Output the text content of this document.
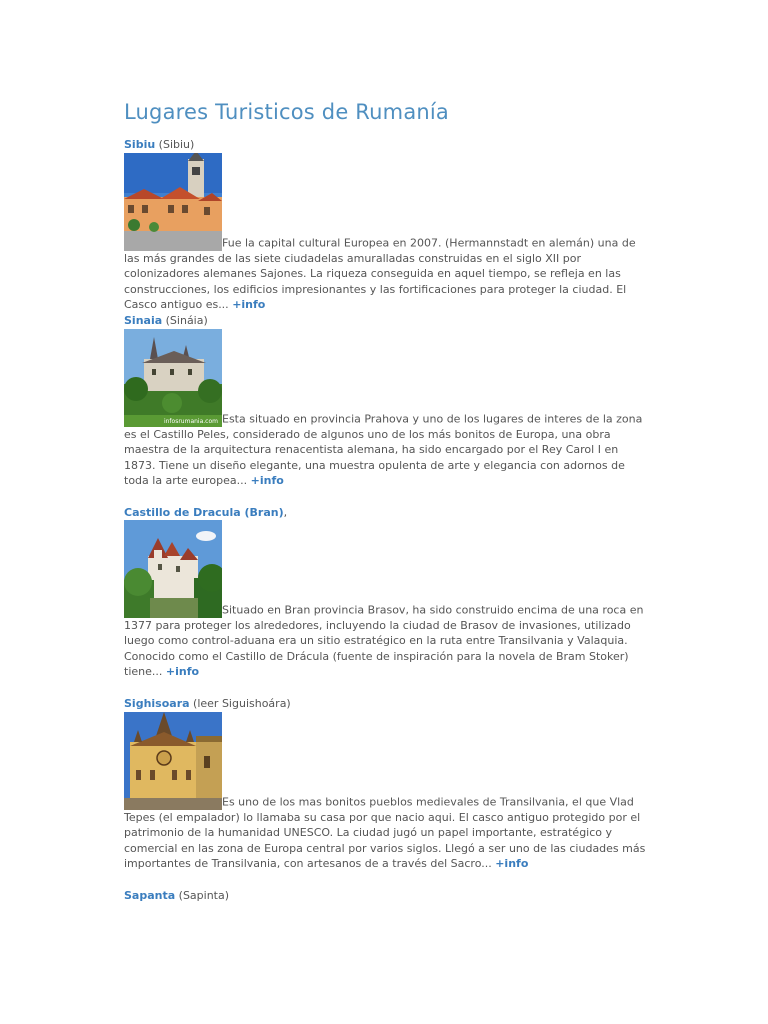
Lugares Turisticos de Rumanía

Sibiu (Sibiu)

Fue la capital cultural Europea en 2007. (Hermannstadt en alemán) una de las más grandes de las siete ciudadelas amuralladas construidas en el siglo XII por colonizadores alemanes Sajones. La riqueza conseguida en aquel tiempo, se refleja en las construcciones, los edificios impresionantes y las fortificaciones para proteger la ciudad. El Casco antiguo es... +info

Sinaia (Sináia)

infosrumania.com Esta situado en provincia Prahova y uno de los lugares de interes de la zona es el Castillo Peles, considerado de algunos uno de los más bonitos de Europa, una obra maestra de la arquitectura renacentista alemana, ha sido encargado por el Rey Carol I en 1873. Tiene un diseño elegante, una muestra opulenta de arte y elegancia con adornos de toda la arte europea... +info

Castillo de Dracula (Bran),

Situado en Bran provincia Brasov, ha sido construido encima de una roca en 1377 para proteger los alrededores, incluyendo la ciudad de Brasov de invasiones, utilizado luego como control-aduana era un sitio estratégico en la ruta entre Transilvania y Valaquia. Conocido como el Castillo de Drácula (fuente de inspiración para la novela de Bram Stoker) tiene... +info

Sighisoara (leer Siguishoára)

Es uno de los mas bonitos pueblos medievales de Transilvania, el que Vlad Tepes (el empalador) lo llamaba su casa por que nacio aqui. El casco antiguo protegido por el patrimonio de la humanidad UNESCO. La ciudad jugó un papel importante, estratégico y comercial en las zona de Europa central por varios siglos. Llegó a ser uno de las ciudades más importantes de Transilvania, con artesanos de a través del Sacro... +info

Sapanta (Sapinta)
